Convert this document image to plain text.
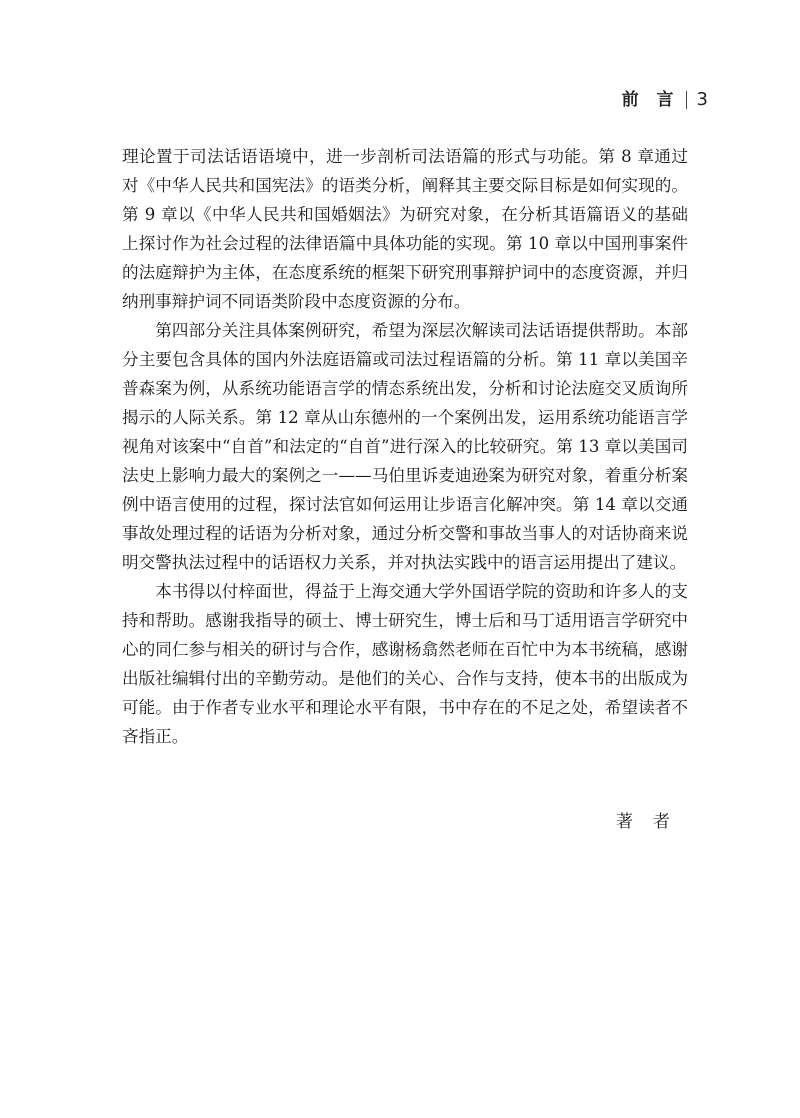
前 言 3

理论置于司法话语语境中，进一步剖析司法语篇的形式与功能。第 8 章通过对《中华人民共和国宪法》的语类分析，阐释其主要交际目标是如何实现的。第 9 章以《中华人民共和国婚姻法》为研究对象，在分析其语篇语义的基础上探讨作为社会过程的法律语篇中具体功能的实现。第 10 章以中国刑事案件的法庭辩护为主体，在态度系统的框架下研究刑事辩护词中的态度资源，并归纳刑事辩护词不同语类阶段中态度资源的分布。

第四部分关注具体案例研究，希望为深层次解读司法话语提供帮助。本部分主要包含具体的国内外法庭语篇或司法过程语篇的分析。第 11 章以美国辛普森案为例，从系统功能语言学的情态系统出发，分析和讨论法庭交叉质询所揭示的人际关系。第 12 章从山东德州的一个案例出发，运用系统功能语言学视角对该案中“自首”和法定的“自首”进行深入的比较研究。第 13 章以美国司法史上影响力最大的案例之一——马伯里诉麦迪逊案为研究对象，着重分析案例中语言使用的过程，探讨法官如何运用让步语言化解冲突。第 14 章以交通事故处理过程的话语为分析对象，通过分析交警和事故当事人的对话协商来说明交警执法过程中的话语权力关系，并对执法实践中的语言运用提出了建议。

本书得以付梓面世，得益于上海交通大学外国语学院的资助和许多人的支持和帮助。感谢我指导的硕士、博士研究生，博士后和马丁适用语言学研究中心的同仁参与相关的研讨与合作，感谢杨翕然老师在百忙中为本书统稿，感谢出版社编辑付出的辛勤劳动。是他们的关心、合作与支持，使本书的出版成为可能。由于作者专业水平和理论水平有限，书中存在的不足之处，希望读者不吝指正。

著者
